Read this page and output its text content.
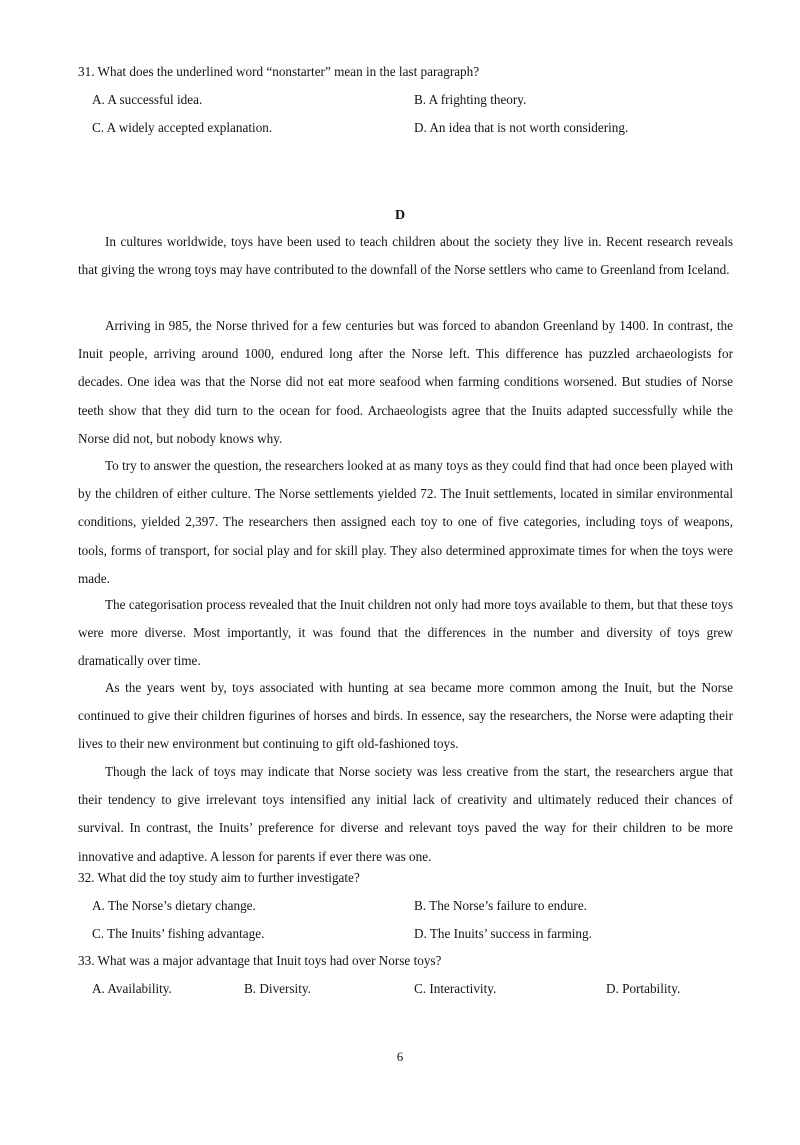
31. What does the underlined word “nonstarter” mean in the last paragraph?
A. A successful idea.	B. A frighting theory.
C. A widely accepted explanation.	D. An idea that is not worth considering.
D
In cultures worldwide, toys have been used to teach children about the society they live in. Recent research reveals that giving the wrong toys may have contributed to the downfall of the Norse settlers who came to Greenland from Iceland.
Arriving in 985, the Norse thrived for a few centuries but was forced to abandon Greenland by 1400. In contrast, the Inuit people, arriving around 1000, endured long after the Norse left. This difference has puzzled archaeologists for decades. One idea was that the Norse did not eat more seafood when farming conditions worsened. But studies of Norse teeth show that they did turn to the ocean for food. Archaeologists agree that the Inuits adapted successfully while the Norse did not, but nobody knows why.
To try to answer the question, the researchers looked at as many toys as they could find that had once been played with by the children of either culture. The Norse settlements yielded 72. The Inuit settlements, located in similar environmental conditions, yielded 2,397. The researchers then assigned each toy to one of five categories, including toys of weapons, tools, forms of transport, for social play and for skill play. They also determined approximate times for when the toys were made.
The categorisation process revealed that the Inuit children not only had more toys available to them, but that these toys were more diverse. Most importantly, it was found that the differences in the number and diversity of toys grew dramatically over time.
As the years went by, toys associated with hunting at sea became more common among the Inuit, but the Norse continued to give their children figurines of horses and birds. In essence, say the researchers, the Norse were adapting their lives to their new environment but continuing to gift old-fashioned toys.
Though the lack of toys may indicate that Norse society was less creative from the start, the researchers argue that their tendency to give irrelevant toys intensified any initial lack of creativity and ultimately reduced their chances of survival. In contrast, the Inuits’ preference for diverse and relevant toys paved the way for their children to be more innovative and adaptive. A lesson for parents if ever there was one.
32. What did the toy study aim to further investigate?
A. The Norse’s dietary change.	B. The Norse’s failure to endure.
C. The Inuits’ fishing advantage.	D. The Inuits’ success in farming.
33. What was a major advantage that Inuit toys had over Norse toys?
A. Availability.	B. Diversity.	C. Interactivity.	D. Portability.
6
